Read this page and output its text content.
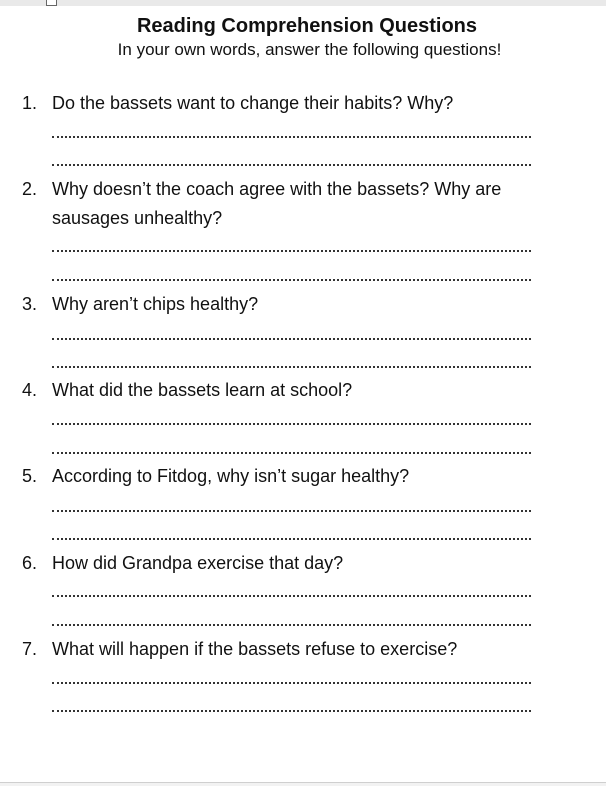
Reading Comprehension Questions
In your own words, answer the following questions!
1. Do the bassets want to change their habits? Why?
2. Why doesn’t the coach agree with the bassets? Why are sausages unhealthy?
3. Why aren’t chips healthy?
4. What did the bassets learn at school?
5. According to Fitdog, why isn’t sugar healthy?
6. How did Grandpa exercise that day?
7. What will happen if the bassets refuse to exercise?
